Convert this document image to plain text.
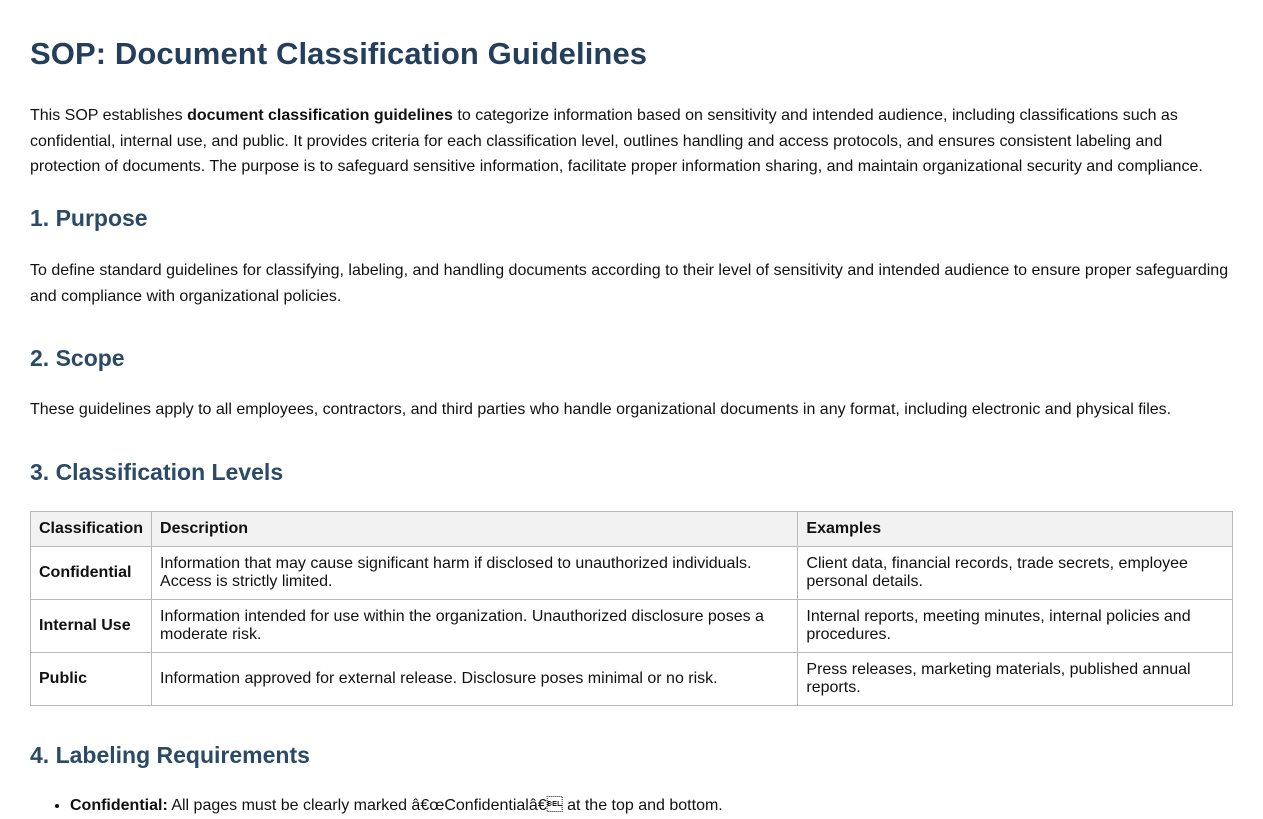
SOP: Document Classification Guidelines

This SOP establishes document classification guidelines to categorize information based on sensitivity and intended audience, including classifications such as confidential, internal use, and public. It provides criteria for each classification level, outlines handling and access protocols, and ensures consistent labeling and protection of documents. The purpose is to safeguard sensitive information, facilitate proper information sharing, and maintain organizational security and compliance.

1. Purpose

To define standard guidelines for classifying, labeling, and handling documents according to their level of sensitivity and intended audience to ensure proper safeguarding and compliance with organizational policies.

2. Scope

These guidelines apply to all employees, contractors, and third parties who handle organizational documents in any format, including electronic and physical files.

3. Classification Levels
Classification	Description	Examples
Confidential	Information that may cause significant harm if disclosed to unauthorized individuals. Access is strictly limited.	Client data, financial records, trade secrets, employee personal details.
Internal Use	Information intended for use within the organization. Unauthorized disclosure poses a moderate risk.	Internal reports, meeting minutes, internal policies and procedures.
Public	Information approved for external release. Disclosure poses minimal or no risk.	Press releases, marketing materials, published annual reports.
4. Labeling Requirements
• Confidential: All pages must be clearly marked â€œConfidentialâ€ at the top and bottom.
